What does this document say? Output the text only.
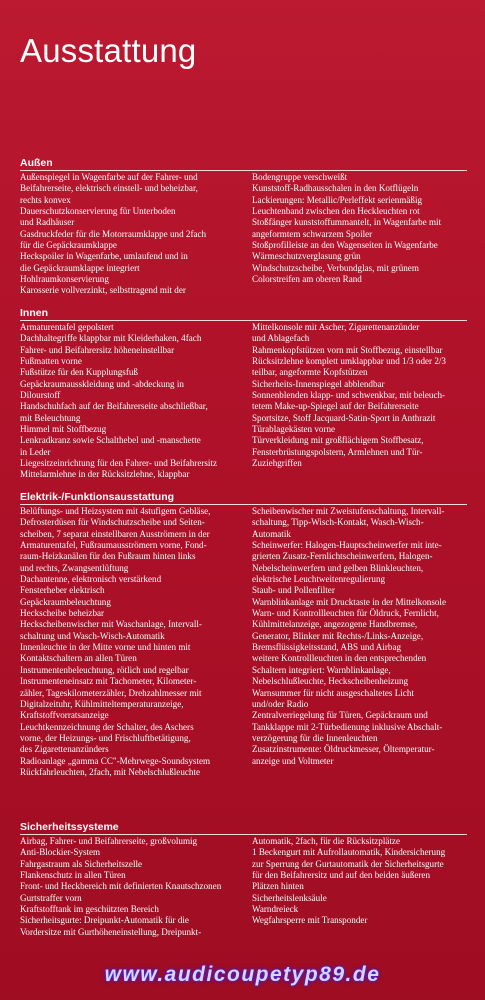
Ausstattung
Außen
Außenspiegel in Wagenfarbe auf der Fahrer- und
Beifahrerseite, elektrisch einstell- und beheizbar,
rechts konvex
Dauerschutzkonservierung für Unterboden
und Radhäuser
Gasdruckfeder für die Motorraumklappe und 2fach
für die Gepäckraumklappe
Heckspoiler in Wagenfarbe, umlaufend und in
die Gepäckraumklappe integriert
Hohlraumkonservierung
Karosserie vollverzinkt, selbsttragend mit der
Bodengruppe verschweißt
Kunststoff-Radhausschalen in den Kotflügeln
Lackierungen: Metallic/Perleffekt serienmäßig
Leuchtenband zwischen den Heckleuchten rot
Stoßfänger kunststoffummantelt, in Wagenfarbe mit
angeformtem schwarzem Spoiler
Stoßprofilleiste an den Wagenseiten in Wagenfarbe
Wärmeschutzverglasung grün
Windschutzscheibe, Verbundglas, mit grünem
Colorstreifen am oberen Rand
Innen
Armaturentafel gepolstert
Dachhaltegriffe klappbar mit Kleiderhaken, 4fach
Fahrer- und Beifahrersitz höheneinstellbar
Fußmatten vorne
Fußstütze für den Kupplungsfuß
Gepäckraumausskleidung und -abdeckung in
Dilourstoff
Handschuhfach auf der Beifahrerseite abschließbar,
mit Beleuchtung
Himmel mit Stoffbezug
Lenkradkranz sowie Schalthebel und -manschette
in Leder
Liegesitzeinrichtung für den Fahrer- und Beifahrersitz
Mittelarmlehne in der Rücksitzlehne, klappbar
Mittelkonsole mit Ascher, Zigarettenanzünder
und Ablagefach
Rahmenkopfstützen vorn mit Stoffbezug, einstellbar
Rücksitzlehne komplett umklappbar und 1/3 oder 2/3
teilbar, angeformte Kopfstützen
Sicherheits-Innenspiegel abblendbar
Sonnenblenden klapp- und schwenkbar, mit beleuch-
tetem Make-up-Spiegel auf der Beifahrerseite
Sportsitze, Stoff Jacquard-Satin-Sport in Anthrazit
Türablagekästen vorne
Türverkleidung mit großflächigem Stoffbesatz,
Fensterbrüstungspolstern, Armlehnen und Tür-
Zuziehgriffen
Elektrik-/Funktionsausstattung
Belüftungs- und Heizsystem mit 4stufigem Gebläse,
Defrosterdüsen für Windschutzscheibe und Seiten-
scheiben, 7 separat einstellbaren Ausströmern in der
Armaturentafel, Fußraumausströmern vorne, Fond-
raum-Heizkanälen für den Fußraum hinten links
und rechts, Zwangsentlüftung
Dachantenne, elektronisch verstärkend
Fensterheber elektrisch
Gepäckraumbeleuchtung
Heckscheibe beheizbar
Heckscheibenwischer mit Waschanlage, Intervall-
schaltung und Wasch-Wisch-Automatik
Innenleuchte in der Mitte vorne und hinten mit
Kontaktschaltern an allen Türen
Instrumentenbeleuchtung, rötlich und regelbar
Instrumenteneinsatz mit Tachometer, Kilometer-
zähler, Tageskilometerzähler, Drehzahlmesser mit
Digitalzeituhr, Kühlmitteltemperaturanzeige,
Kraftstoffvorratsanzeige
Leuchtkennzeichnung der Schalter, des Aschers
vorne, der Heizungs- und Frischluftbetätigung,
des Zigarettenanzünders
Radioanlage „gamma CC"-Mehrwege-Soundsystem
Rückfahrleuchten, 2fach, mit Nebelschlußleuchte
Scheibenwischer mit Zweistufenschaltung, Intervall-
schaltung, Tipp-Wisch-Kontakt, Wasch-Wisch-
Automatik
Scheinwerfer: Halogen-Hauptscheinwerfer mit inte-
grierten Zusatz-Fernlichtscheinwerfern, Halogen-
Nebelscheinwerfern und gelben Blinkleuchten,
elektrische Leuchtweitenregulierung
Staub- und Pollenfilter
Warnblinkanlage mit Drucktaste in der Mittelkonsole
Warn- und Kontrollleuchten für Öldruck, Fernlicht,
Kühlmittelanzeige, angezogene Handbremse,
Generator, Blinker mit Rechts-/Links-Anzeige,
Bremsflüssigkeitsstand, ABS und Airbag
weitere Kontrollleuchten in den entsprechenden
Schaltern integriert: Warnblinkanlage,
Nebelschlußleuchte, Heckscheibenheizung
Warnsummer für nicht ausgeschaltetes Licht
und/oder Radio
Zentralverriegelung für Türen, Gepäckraum und
Tankklappe mit 2-Türbedienung inklusive Abschalt-
verzögerung für die Innenleuchten
Zusatzinstrumente: Öldruckmesser, Öltemperatur-
anzeige und Voltmeter
Sicherheitssysteme
Airbag, Fahrer- und Beifahrerseite, großvolumig
Anti-Blockier-System
Fahrgastraum als Sicherheitszelle
Flankenschutz in allen Türen
Front- und Heckbereich mit definierten Knautschzonen
Gurtstraffer vorn
Kraftstofftank im geschützten Bereich
Sicherheitsgurte: Dreipunkt-Automatik für die
Vordersitze mit Gurthöheneinstellung, Dreipunkt-
Automatik, 2fach, für die Rücksitzplätze
1 Beckengurt mit Aufrollautomatik, Kindersicherung
zur Sperrung der Gurtautomatik der Sicherheitsgurte
für den Beifahrersitz und auf den beiden äußeren
Plätzen hinten
Sicherheitslenksäule
Warndreieck
Wegfahrsperre mit Transponder
www.audicoupetyp89.de
